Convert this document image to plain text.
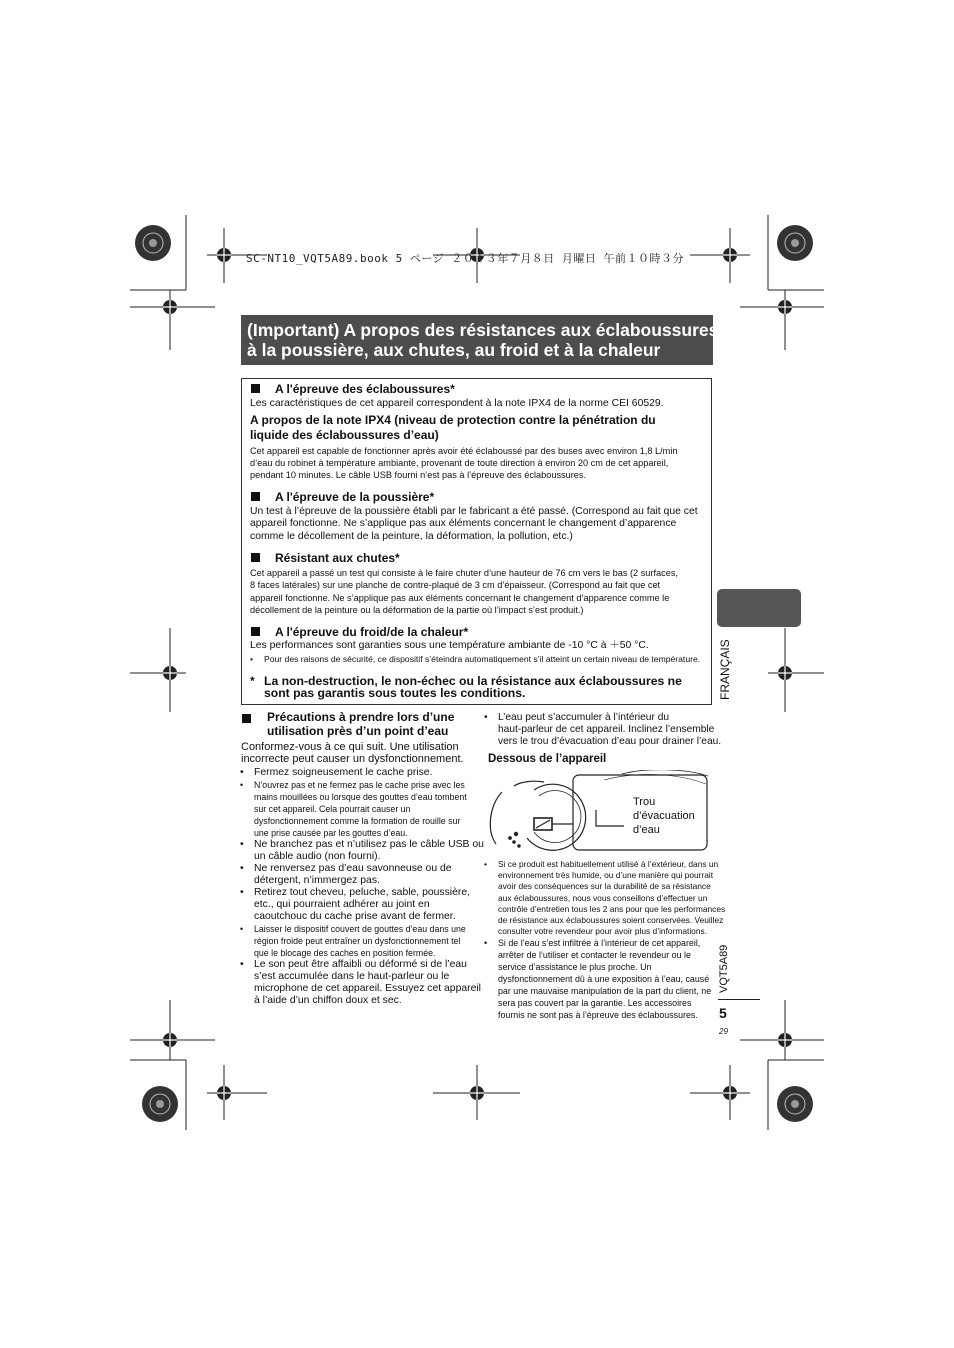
SC-NT10_VQT5A89.book 5 ページ ２０１３年７月８日 月曜日 午前１０時３分
(Important) A propos des résistances aux éclaboussures,
à la poussière, aux chutes, au froid et à la chaleur
A l'épreuve des éclaboussures*
Les caractéristiques de cet appareil correspondent à la note IPX4 de la norme CEI 60529.
A propos de la note IPX4 (niveau de protection contre la pénétration du
liquide des éclaboussures d’eau)
Cet appareil est capable de fonctionner après avoir été éclaboussé par des buses avec environ 1,8 L/min
d’eau du robinet à température ambiante, provenant de toute direction à environ 20 cm de cet appareil,
pendant 10 minutes. Le câble USB fourni n’est pas à l’épreuve des éclaboussures.
A l'épreuve de la poussière*
Un test à l’épreuve de la poussière établi par le fabricant a été passé. (Correspond au fait que cet
appareil fonctionne. Ne s’applique pas aux éléments concernant le changement d’apparence
comme le décollement de la peinture, la déformation, la pollution, etc.)
Résistant aux chutes*
Cet appareil a passé un test qui consiste à le faire chuter d’une hauteur de 76 cm vers le bas (2 surfaces,
8 faces latérales) sur une planche de contre-plaqué de 3 cm d’épaisseur. (Correspond au fait que cet
appareil fonctionne. Ne s’applique pas aux éléments concernant le changement d’apparence comme le
décollement de la peinture ou la déformation de la partie où l’impact s’est produit.)
A l'épreuve du froid/de la chaleur*
Les performances sont garanties sous une température ambiante de -10 °C à ＋50 °C.
• Pour des raisons de sécurité, ce dispositif s’éteindra automatiquement s’il atteint un certain niveau de température.
* La non-destruction, le non-échec ou la résistance aux éclaboussures ne
sont pas garantis sous toutes les conditions.
Précautions à prendre lors d’une
utilisation près d’un point d’eau
Conformez-vous à ce qui suit. Une utilisation
incorrecte peut causer un dysfonctionnement.
• Fermez soigneusement le cache prise.
• N’ouvrez pas et ne fermez pas le cache prise avec les
mains mouillées ou lorsque des gouttes d’eau tombent
sur cet appareil. Cela pourrait causer un
dysfonctionnement comme la formation de rouille sur
une prise causée par les gouttes d’eau.
• Ne branchez pas et n’utilisez pas le câble USB ou
un câble audio (non fourni).
• Ne renversez pas d’eau savonneuse ou de
détergent, n’immergez pas.
• Retirez tout cheveu, peluche, sable, poussière,
etc., qui pourraient adhérer au joint en
caoutchouc du cache prise avant de fermer.
• Laisser le dispositif couvert de gouttes d’eau dans une
région froide peut entraîner un dysfonctionnement tel
que le blocage des caches en position fermée.
• Le son peut être affaibli ou déformé si de l’eau
s’est accumulée dans le haut-parleur ou le
microphone de cet appareil. Essuyez cet appareil
à l’aide d’un chiffon doux et sec.
• L’eau peut s’accumuler à l’intérieur du
haut-parleur de cet appareil. Inclinez l’ensemble
vers le trou d’évacuation d’eau pour drainer l’eau.
Dessous de l’appareil
Trou
d’évacuation
d’eau
• Si ce produit est habituellement utilisé à l’extérieur, dans un
environnement très humide, ou d’une manière qui pourrait
avoir des conséquences sur la durabilité de sa résistance
aux éclaboussures, nous vous conseillons d’effectuer un
contrôle d’entretien tous les 2 ans pour que les performances
de résistance aux éclaboussures soient conservées. Veuillez
consulter votre revendeur pour avoir plus d’informations.
• Si de l’eau s’est infiltrée à l’intérieur de cet appareil,
arrêter de l’utiliser et contacter le revendeur ou le
service d’assistance le plus proche. Un
dysfonctionnement dû à une exposition à l’eau, causé
par une mauvaise manipulation de la part du client, ne
sera pas couvert par la garantie. Les accessoires
fournis ne sont pas à l’épreuve des éclaboussures.
FRANÇAIS
VQT5A89
5
29
